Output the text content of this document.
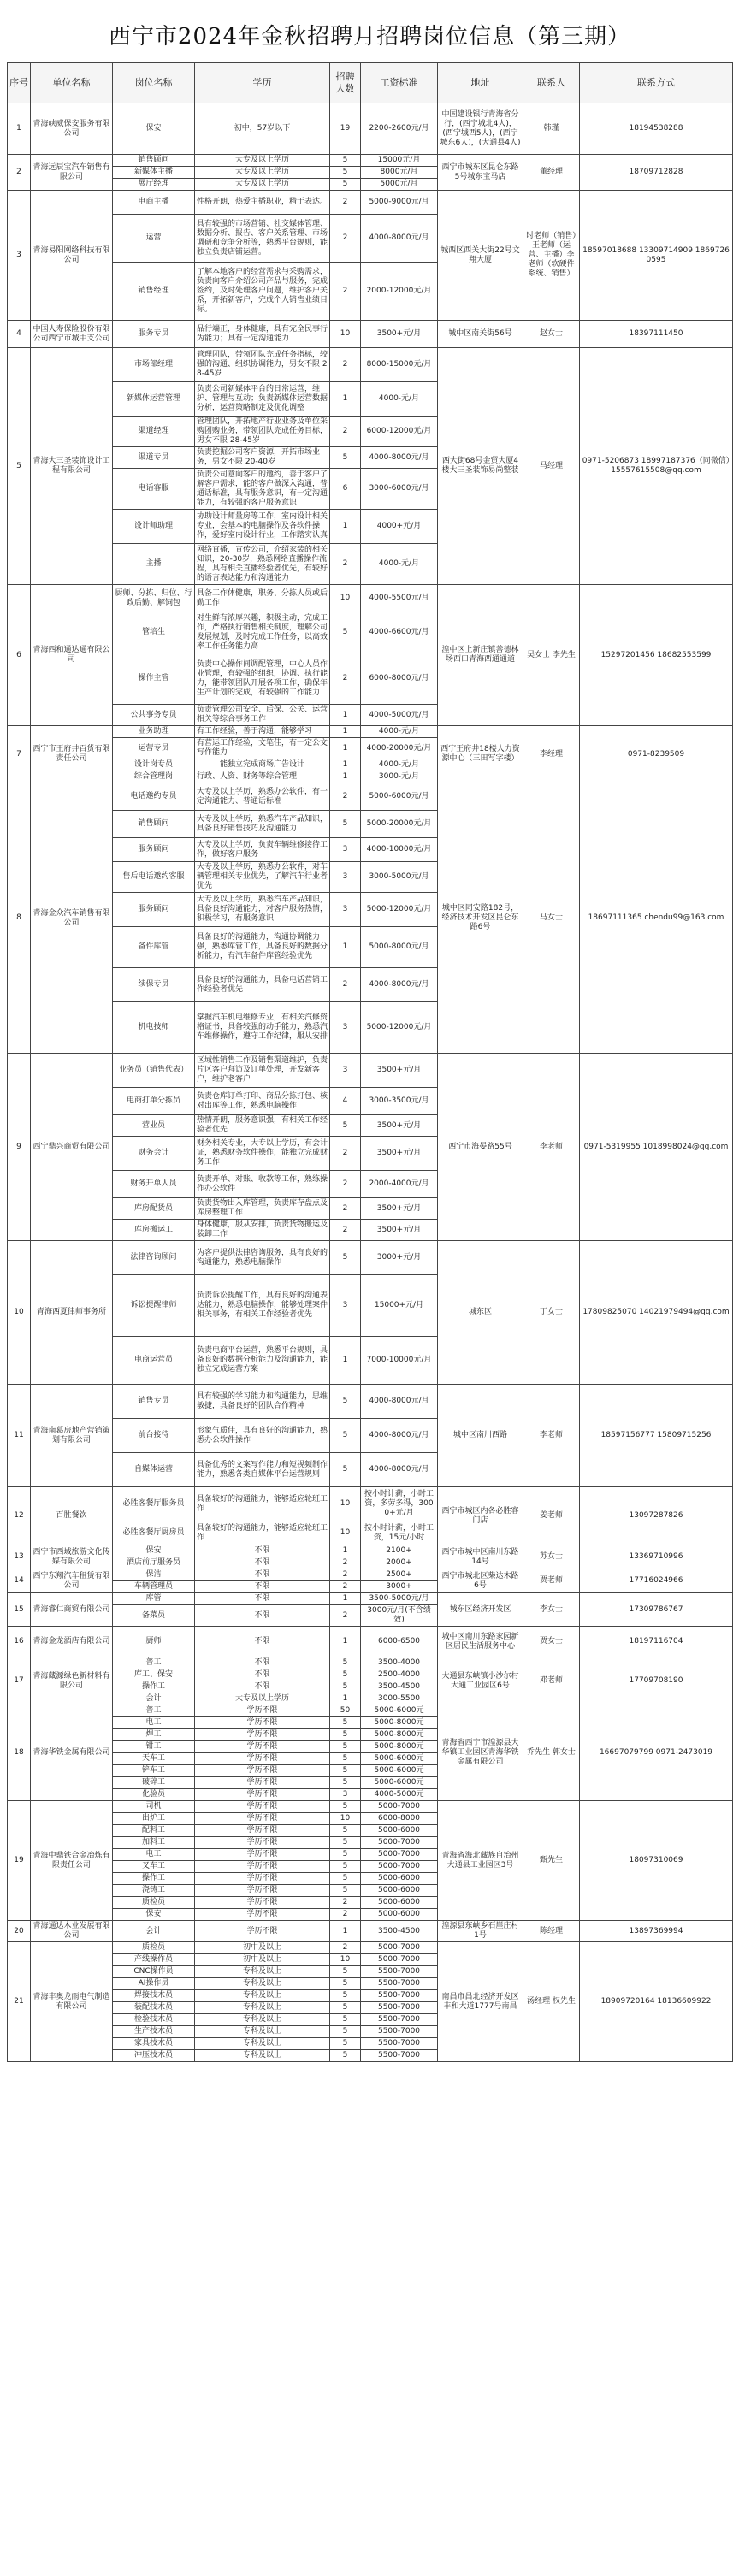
西宁市2024年金秋招聘月招聘岗位信息（第三期）
序号	单位名称	岗位名称	学历	招聘人数	工资标准	地址	联系人	联系方式
1	青海峡威保安服务有限公司	保安	初中，57岁以下	19	2200-2600元/月	中国建设银行青海省分行，(西宁城北4人)，(西宁城西5人)，(西宁城东6人)，(大通县4人)	韩瑾	18194538288
2	青海远辰宝汽车销售有限公司	销售顾问	大专及以上学历	5	15000元/月	西宁市城东区昆仑东路5号城东宝马店	董经理	18709712828
		新媒体主播	大专及以上学历	5	8000元/月			
		展厅经理	大专及以上学历	5	5000元/月			
3	青海易阳网络科技有限公司	电商主播	性格开朗，热爱主播职业，精于表达。	2	5000-9000元/月	城西区西关大街22号文翔大厦	时老师（销售）王老师（运营、主播）李老师（软硬件系统、销售）	18597018688 13309714909 18697260595
		运营	具有较强的市场营销、社交媒体管理、数据分析、报告、客户关系管理、市场调研和竞争分析等，熟悉平台规则，能独立负责店铺运营。	2	4000-8000元/月			
		销售经理	了解本地客户的经营需求与采购需求，负责向客户介绍公司产品与服务，完成签约，及时处理客户问题，维护客户关系，开拓新客户，完成个人销售业绩目标。	2	2000-12000元/月			
4	中国人寿保险股份有限公司西宁市城中支公司	服务专员	品行端正，身体健康，具有完全民事行为能力；具有一定沟通能力	10	3500+元/月	城中区南关街56号	赵女士	18397111450
5	青海大三圣装饰设计工程有限公司	市场部经理	管理团队，带领团队完成任务指标，较强的沟通、组织协调能力，男女不限 28-45岁	2	8000-15000元/月	西大街68号金贸大厦4楼大三圣装饰易尚整装	马经理	0971-5206873 18997187376（同微信）15557615508@qq.com
		新媒体运营管理	负责公司新媒体平台的日常运营，维护、管理与互动；负责新媒体运营数据分析，运营策略制定及优化调整	1	4000-元/月			
		渠道经理	管理团队，开拓地产行业业务及单位采购团购业务，带领团队完成任务目标，男女不限 28-45岁	2	6000-12000元/月			
		渠道专员	负责挖掘公司客户资源，开拓市场业务，男女不限 20-40岁	5	4000-8000元/月			
		电话客服	负责公司意向客户的邀约，善于客户了解客户需求，能的客户做深入沟通，普通话标准，具有服务意识，有一定沟通能力，有较强的客户服务意识	6	3000-6000元/月			
		设计师助理	协助设计师量房等工作，室内设计相关专业，会基本的电脑操作及各软件操作，爱好室内设计行业，工作踏实认真	1	4000+元/月			
		主播	网络直播，宣传公司，介绍家装的相关知识，20-30岁，熟悉网络直播操作流程，具有相关直播经验者优先，有较好的语言表达能力和沟通能力	2	4000-元/月			
6	青海西和通达通有限公司	厨师、分拣、归位、行政后勤、解饲包	具备工作体健康，职务、分拣人员或后勤工作	10	4000-5500元/月	湟中区上新庄镇善德林场西口青海西通通道	吴女士 李先生	15297201456 18682553599
		管培生	对生鲜有浓厚兴趣，积极主动，完成工作，严格执行销售相关制度，理解公司发展规划，及时完成工作任务，以高效率工作任务能力高	5	4000-6600元/月			
		操作主管	负责中心操作间调配管理，中心人员作业管理，有较强的组织，协调、执行能力，能带领团队开展各项工作，确保年生产计划的完成，有较强的工作能力	2	6000-8000元/月			
		公共事务专员	负责管理公司安全、后保、公关、运营相关等综合事务工作	1	4000-5000元/月			
7	西宁市王府井百货有限责任公司	业务助理	有工作经验，善于沟通，能够学习	1	4000-元/月	西宁王府井18楼人力资源中心（三田写字楼）	李经理	0971-8239509
		运营专员	有营运工作经验，文笔佳，有一定公文写作能力	1	4000-20000元/月			
		设计岗专员	能独立完成商场广告设计	1	4000-元/月			
		综合管理岗	行政、人资、财务等综合管理	1	3000-元/月			
8	青海金众汽车销售有限公司	电话邀约专员	大专及以上学历，熟悉办公软件，有一定沟通能力、普通话标准	2	5000-6000元/月	城中区同安路182号，经济技术开发区昆仑东路6号	马女士	18697111365 chendu99@163.com
		销售顾问	大专及以上学历，熟悉汽车产品知识，具备良好销售技巧及沟通能力	5	5000-20000元/月			
		服务顾问	大专及以上学历，负责车辆维修接待工作，做好客户服务	3	4000-10000元/月			
		售后电话邀约客服	大专及以上学历，熟悉办公软件，对车辆管理相关专业优先，了解汽车行业者优先	3	3000-5000元/月			
		服务顾问	大专及以上学历，熟悉汽车产品知识，具备良好沟通能力，对客户服务热情，积极学习，有服务意识	3	5000-12000元/月			
		备件库管	具备良好的沟通能力，沟通协调能力强，熟悉库管工作，具备良好的数据分析能力，有汽车备件库管经验优先	1	5000-8000元/月			
		续保专员	具备良好的沟通能力，具备电话营销工作经验者优先	2	4000-8000元/月			
		机电技师	掌握汽车机电维修专业，有相关汽修资格证书，具备较强的动手能力，熟悉汽车维修操作，遵守工作纪律，服从安排	3	5000-12000元/月			
9	西宁鼎兴商贸有限公司	业务员（销售代表）	区域性销售工作及销售渠道维护，负责片区客户拜访及订单处理，开发新客户，维护老客户	3	3500+元/月	西宁市海晏路55号	李老师	0971-5319955 1018998024@qq.com
		电商打单分拣员	负责仓库订单打印、商品分拣打包、核对出库等工作，熟悉电脑操作	4	3000-3500元/月			
		营业员	热情开朗，服务意识强，有相关工作经验者优先	5	3500+元/月			
		财务会计	财务相关专业，大专以上学历，有会计证，熟悉财务软件操作，能独立完成财务工作	2	3500+元/月			
		财务开单人员	负责开单、对账、收款等工作，熟练操作办公软件	2	2000-4000元/月			
		库房配货员	负责货物出入库管理，负责库存盘点及库房整理工作	2	3500+元/月			
		库房搬运工	身体健康，服从安排，负责货物搬运及装卸工作	2	3500+元/月			
10	青海西夏律师事务所	法律咨询顾问	为客户提供法律咨询服务，具有良好的沟通能力，熟悉电脑操作	5	3000+元/月	城东区	丁女士	17809825070 14021979494@qq.com
		诉讼提醒律师	负责诉讼提醒工作，具有良好的沟通表达能力，熟悉电脑操作，能够处理案件相关事务，有相关工作经验者优先	3	15000+元/月			
		电商运营员	负责电商平台运营，熟悉平台规则，具备良好的数据分析能力及沟通能力，能独立完成运营方案	1	7000-10000元/月			
11	青海南葛房地产营销策划有限公司	销售专员	具有较强的学习能力和沟通能力，思维敏捷，具备良好的团队合作精神	5	4000-8000元/月	城中区南川西路	李老师	18597156777 15809715256
		前台接待	形象气质佳，具有良好的沟通能力，熟悉办公软件操作	5	4000-8000元/月			
		自媒体运营	具备优秀的文案写作能力和短视频制作能力，熟悉各类自媒体平台运营规则	5	4000-8000元/月			
12	百胜餐饮	必胜客餐厅服务员	具备较好的沟通能力，能够适应轮班工作	10	按小时计薪，小时工资，多劳多得，3000+元/月	西宁市城区内各必胜客门店	姜老师	13097287826
		必胜客餐厅厨房员	具备较好的沟通能力，能够适应轮班工作	10	按小时计薪，小时工资，15元/小时			
13	西宁市西域旅游文化传媒有限公司	保安	不限	1	2100+	西宁市城中区南川东路14号	苏女士	13369710996
		酒店前厅服务员	不限	2	2000+			
14	西宁东翔汽车租赁有限公司	保洁	不限	2	2500+	西宁市城北区柴达木路6号	贾老师	17716024966
		车辆管理员	不限	2	3000+			
15	青海睿仁商贸有限公司	库管	不限	1	3500-5000元/月	城东区经济开发区	李女士	17309786767
		备菜员	不限	2	3000元/月(不含绩效)			
16	青海金龙酒店有限公司	厨师	不限	1	6000-6500	城中区南川东路家园新区居民生活服务中心	贾女士	18197116704
17	青海藏源绿色新材料有限公司	普工	不限	5	3500-4000	大通县东峡镇小沙尔村大通工业园区6号	邓老师	17709708190
		库工、保安	不限	5	2500-4000			
		操作工	不限	5	3500-4500			
		会计	大专及以上学历	1	3000-5500			
18	青海华铁金属有限公司	普工	学历不限	50	5000-6000元	青海省西宁市湟源县大华镇工业园区青海华铁金属有限公司	乔先生 郭女士	16697079799 0971-2473019
		电工	学历不限	5	5000-8000元			
		焊工	学历不限	5	5000-8000元			
		钳工	学历不限	5	5000-8000元			
		天车工	学历不限	5	5000-6000元			
		铲车工	学历不限	5	5000-6000元			
		破碎工	学历不限	5	5000-6000元			
		化验员	学历不限	3	4000-5000元			
19	青海中鼎铁合金冶炼有限责任公司	司机	学历不限	5	5000-7000	青海省海北藏族自治州大通县工业园区3号	甄先生	18097310069
		出炉工	学历不限	10	6000-8000			
		配料工	学历不限	5	5000-6000			
		加料工	学历不限	5	5000-7000			
		电工	学历不限	5	5000-7000			
		叉车工	学历不限	5	5000-7000			
		操作工	学历不限	5	5000-6000			
		浇铸工	学历不限	5	5000-6000			
		质检员	学历不限	2	5000-6000			
		保安	学历不限	2	5000-6000			
20	青海通达木业发展有限公司	会计	学历不限	1	3500-4500	湟源县东峡乡石崖庄村1号	陈经理	13897369994
21	青海丰奥龙雨电气制造有限公司	质检员	初中及以上	2	5000-7000	南昌市昌北经济开发区丰和大道1777号南昌	汤经理 权先生	18909720164 18136609922
		产线操作员	初中及以上	10	5000-7000			
		CNC操作员	专科及以上	5	5500-7000			
		AI操作员	专科及以上	5	5500-7000			
		焊接技术员	专科及以上	5	5500-7000			
		装配技术员	专科及以上	5	5500-7000			
		检验技术员	专科及以上	5	5500-7000			
		生产技术员	专科及以上	5	5500-7000			
		家具技术员	专科及以上	5	5500-7000			
		冲压技术员	专科及以上	5	5500-7000			
